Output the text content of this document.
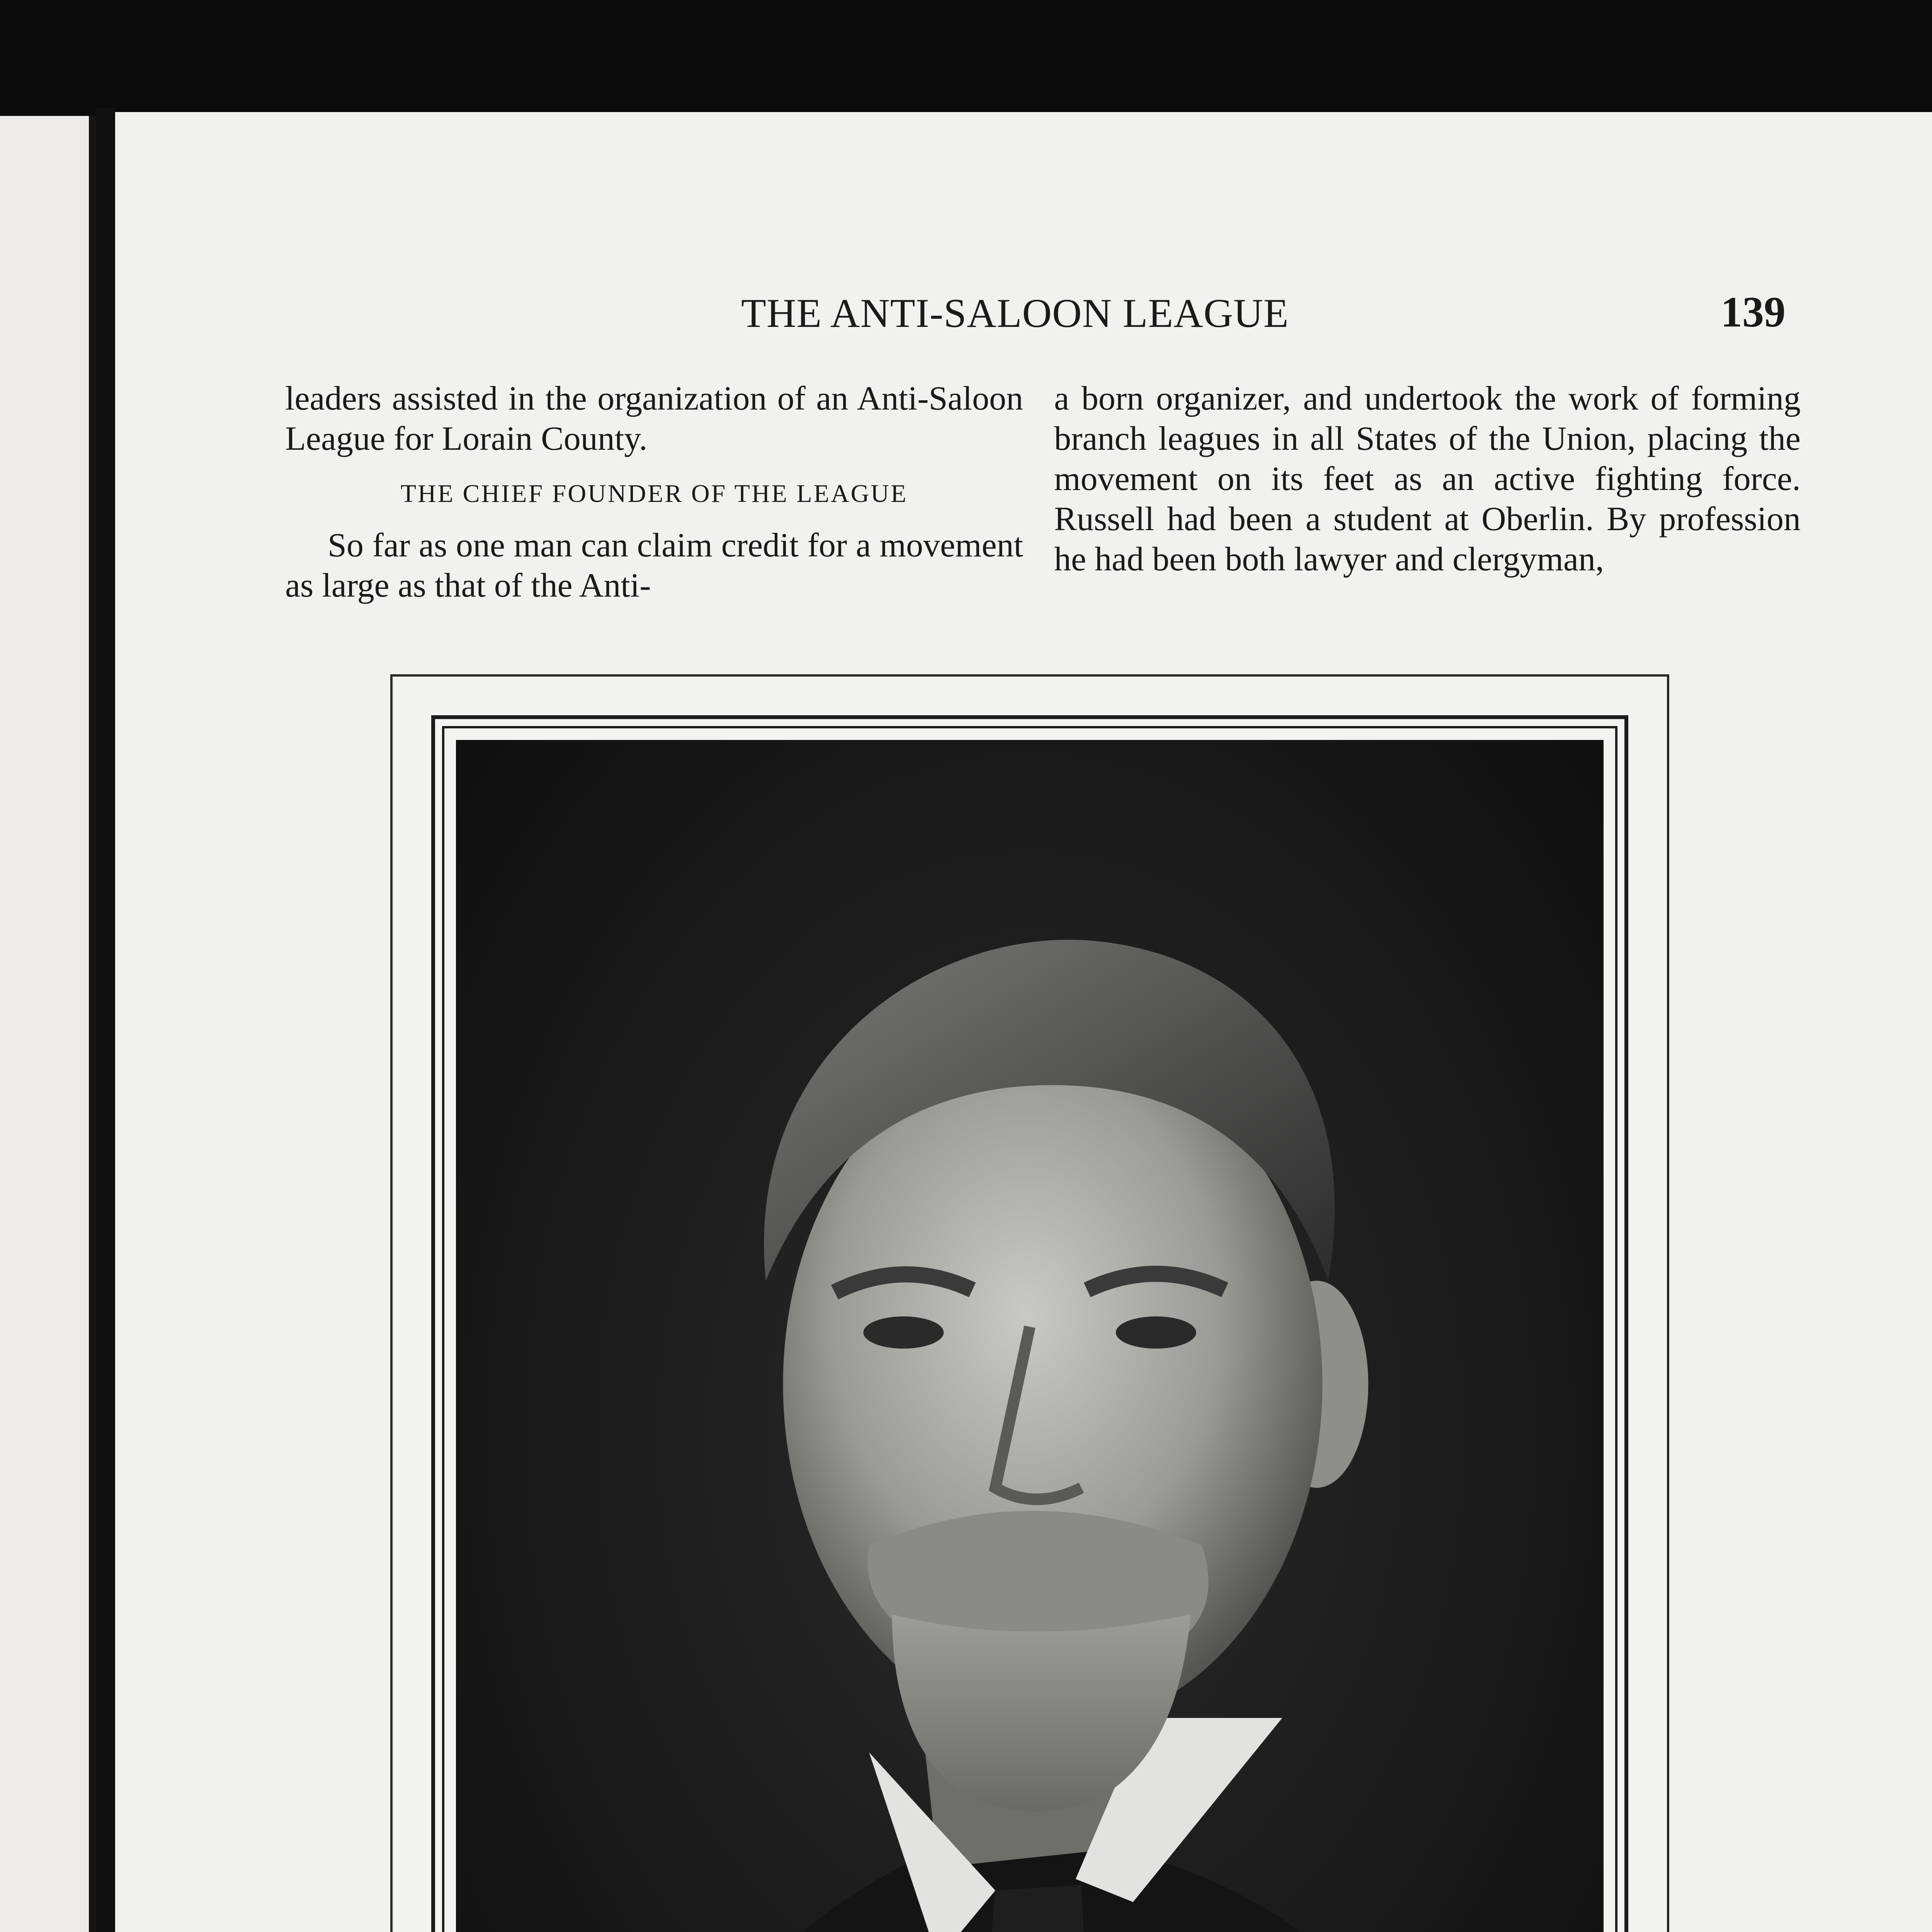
THE ANTI-SALOON LEAGUE	139

leaders assisted in the organization of an Anti-Saloon League for Lorain County.

THE CHIEF FOUNDER OF THE LEAGUE

So far as one man can claim credit for a movement as large as that of the Anti-

a born organizer, and undertook the work of forming branch leagues in all States of the Union, placing the movement on its feet as an active fighting force. Russell had been a student at Oberlin. By profession he had been both lawyer and clergyman,
